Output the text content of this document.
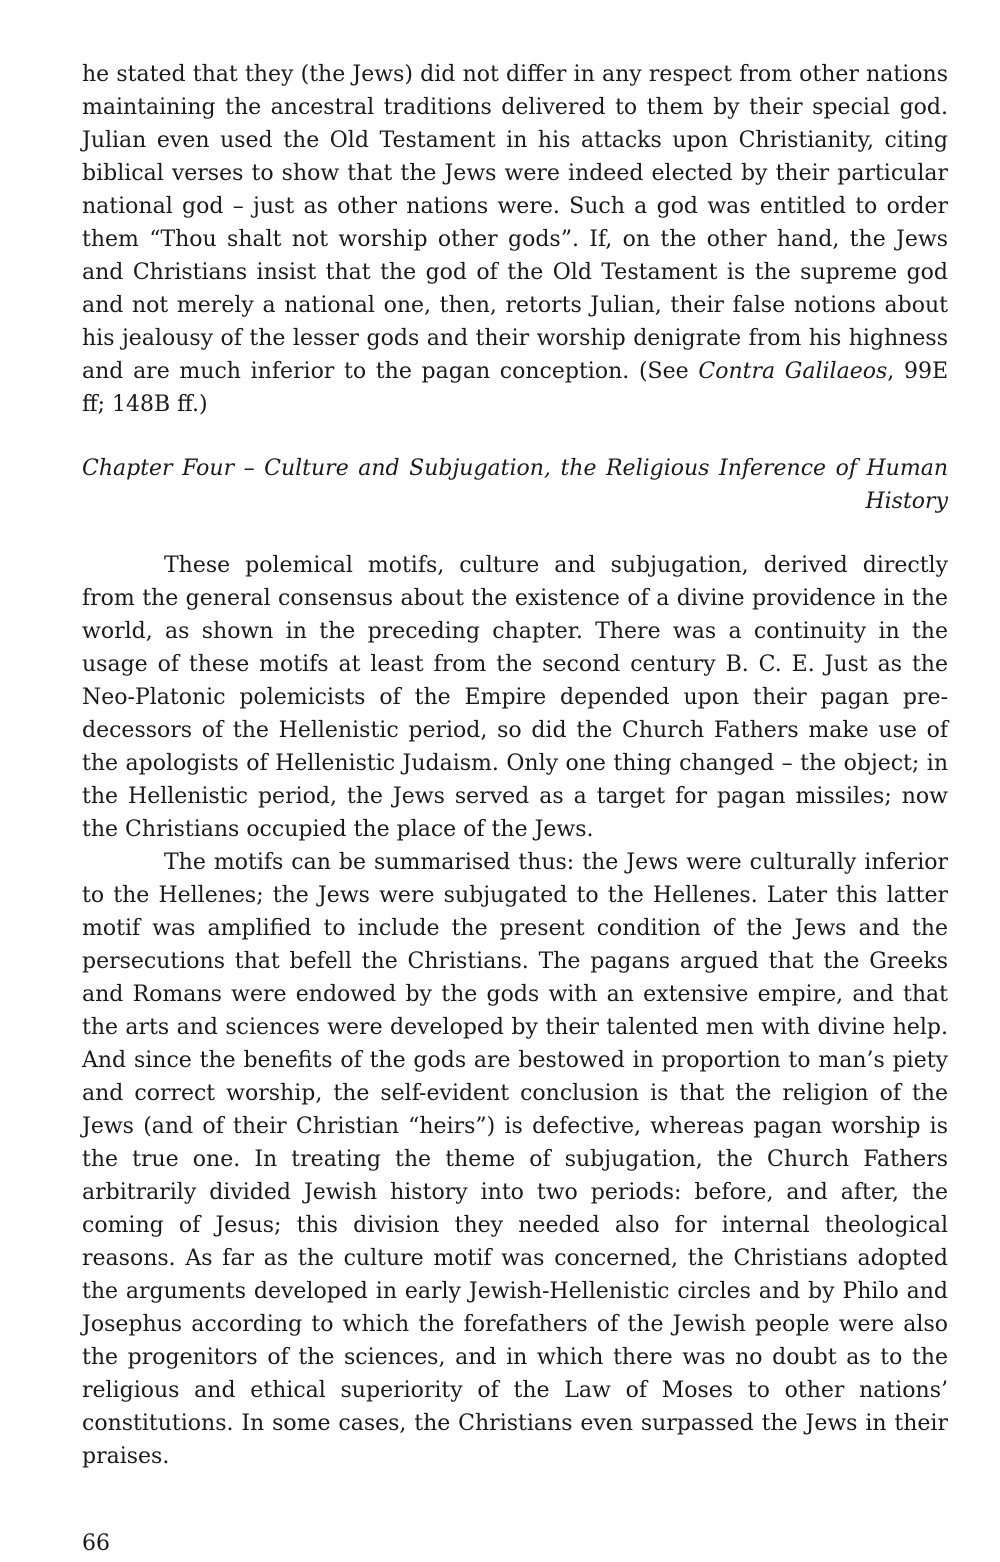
he stated that they (the Jews) did not differ in any respect from other nations maintaining the ancestral traditions delivered to them by their special god. Julian even used the Old Testament in his attacks upon Christianity, citing biblical verses to show that the Jews were indeed elected by their particular national god – just as other nations were. Such a god was entitled to order them “Thou shalt not worship other gods”. If, on the other hand, the Jews and Christians insist that the god of the Old Testament is the supreme god and not merely a national one, then, retorts Julian, their false notions about his jealousy of the lesser gods and their worship denigrate from his highness and are much inferior to the pagan conception. (See Contra Galilaeos, 99E ff; 148B ff.)

Chapter Four – Culture and Subjugation, the Religious Inference of Human History

These polemical motifs, culture and subjugation, derived directly from the general consensus about the existence of a divine providence in the world, as shown in the preceding chapter. There was a continuity in the usage of these motifs at least from the second century B. C. E. Just as the Neo-Platonic polemicists of the Empire depended upon their pagan predecessors of the Hellenistic period, so did the Church Fathers make use of the apologists of Hellenistic Judaism. Only one thing changed – the object; in the Hellenistic period, the Jews served as a target for pagan missiles; now the Christians occupied the place of the Jews.

The motifs can be summarised thus: the Jews were culturally inferior to the Hellenes; the Jews were subjugated to the Hellenes. Later this latter motif was amplified to include the present condition of the Jews and the persecutions that befell the Christians. The pagans argued that the Greeks and Romans were endowed by the gods with an extensive empire, and that the arts and sciences were developed by their talented men with divine help. And since the benefits of the gods are bestowed in proportion to man’s piety and correct worship, the self-evident conclusion is that the religion of the Jews (and of their Christian “heirs”) is defective, whereas pagan worship is the true one. In treating the theme of subjugation, the Church Fathers arbitrarily divided Jewish history into two periods: before, and after, the coming of Jesus; this division they needed also for internal theological reasons. As far as the culture motif was concerned, the Christians adopted the arguments developed in early Jewish-Hellenistic circles and by Philo and Josephus according to which the forefathers of the Jewish people were also the progenitors of the sciences, and in which there was no doubt as to the religious and ethical superiority of the Law of Moses to other nations’ constitutions. In some cases, the Christians even surpassed the Jews in their praises.

66
